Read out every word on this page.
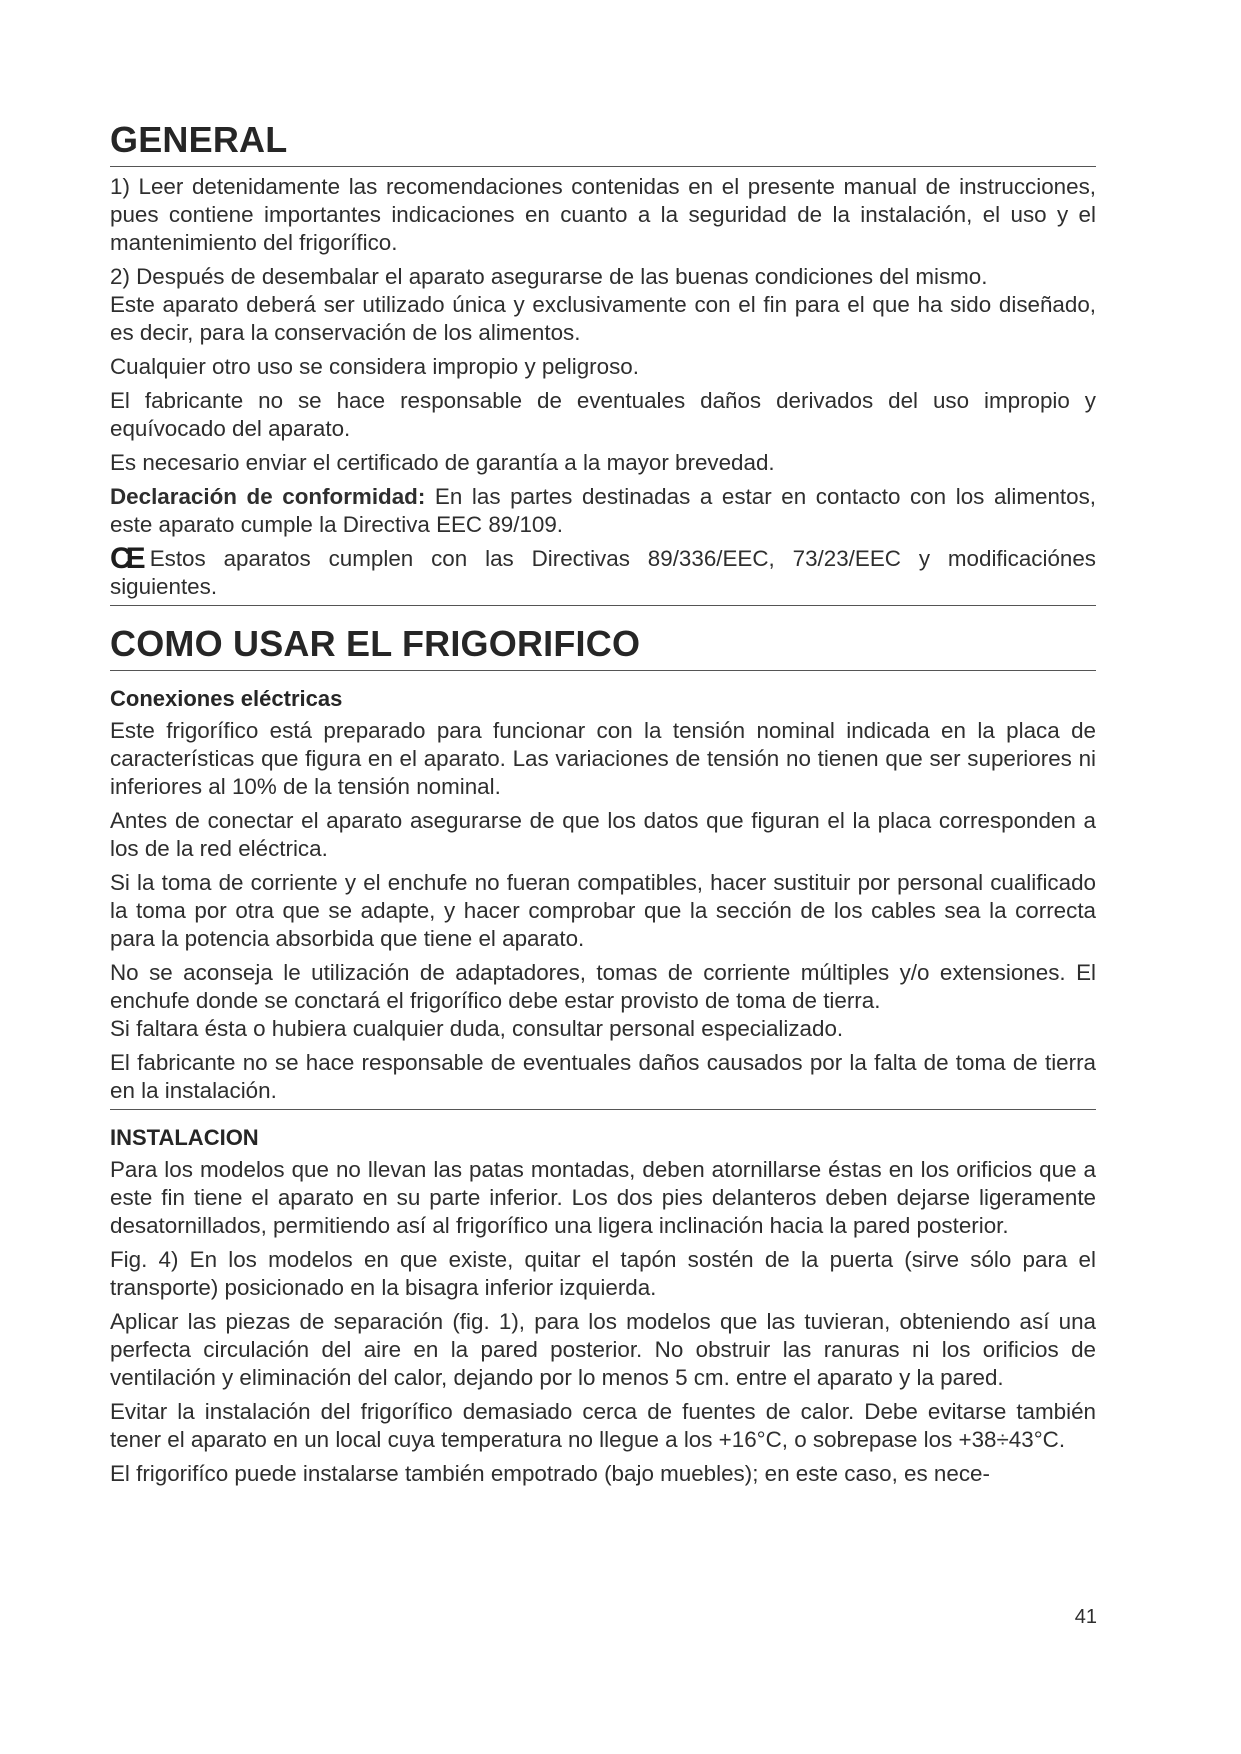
GENERAL

1) Leer detenidamente las recomendaciones contenidas en el presente manual de instrucciones, pues contiene importantes indicaciones en cuanto a la seguridad de la instalación, el uso y el mantenimiento del frigorífico.

2) Después de desembalar el aparato asegurarse de las buenas condiciones del mismo.

Este aparato deberá ser utilizado única y exclusivamente con el fin para el que ha sido diseñado, es decir, para la conservación de los alimentos.

Cualquier otro uso se considera impropio y peligroso.

El fabricante no se hace responsable de eventuales daños derivados del uso impropio y equívocado del aparato.

Es necesario enviar el certificado de garantía a la mayor brevedad.

Declaración de conformidad: En las partes destinadas a estar en contacto con los alimentos, este aparato cumple la Directiva EEC 89/109.

CE Estos aparatos cumplen con las Directivas 89/336/EEC, 73/23/EEC y modificaciónes siguientes.

COMO USAR EL FRIGORIFICO
Conexiones eléctricas

Este frigorífico está preparado para funcionar con la tensión nominal indicada en la placa de características que figura en el aparato. Las variaciones de tensión no tienen que ser superiores ni inferiores al 10% de la tensión nominal.

Antes de conectar el aparato asegurarse de que los datos que figuran el la placa corresponden a los de la red eléctrica.

Si la toma de corriente y el enchufe no fueran compatibles, hacer sustituir por personal cualificado la toma por otra que se adapte, y hacer comprobar que la sección de los cables sea la correcta para la potencia absorbida que tiene el aparato.

No se aconseja le utilización de adaptadores, tomas de corriente múltiples y/o extensiones. El enchufe donde se conctará el frigorífico debe estar provisto de toma de tierra.

Si faltara ésta o hubiera cualquier duda, consultar personal especializado.

El fabricante no se hace responsable de eventuales daños causados por la falta de toma de tierra en la instalación.

INSTALACION

Para los modelos que no llevan las patas montadas, deben atornillarse éstas en los orificios que a este fin tiene el aparato en su parte inferior. Los dos pies delanteros deben dejarse ligeramente desatornillados, permitiendo así al frigorífico una ligera inclinación hacia la pared posterior.

Fig. 4) En los modelos en que existe, quitar el tapón sostén de la puerta (sirve sólo para el transporte) posicionado en la bisagra inferior izquierda.

Aplicar las piezas de separación (fig. 1), para los modelos que las tuvieran, obteniendo así una perfecta circulación del aire en la pared posterior. No obstruir las ranuras ni los orificios de ventilación y eliminación del calor, dejando por lo menos 5 cm. entre el aparato y la pared.

Evitar la instalación del frigorífico demasiado cerca de fuentes de calor. Debe evitarse también tener el aparato en un local cuya temperatura no llegue a los +16°C, o sobrepase los +38÷43°C.

El frigorifíco puede instalarse también empotrado (bajo muebles); en este caso, es nece-

41
